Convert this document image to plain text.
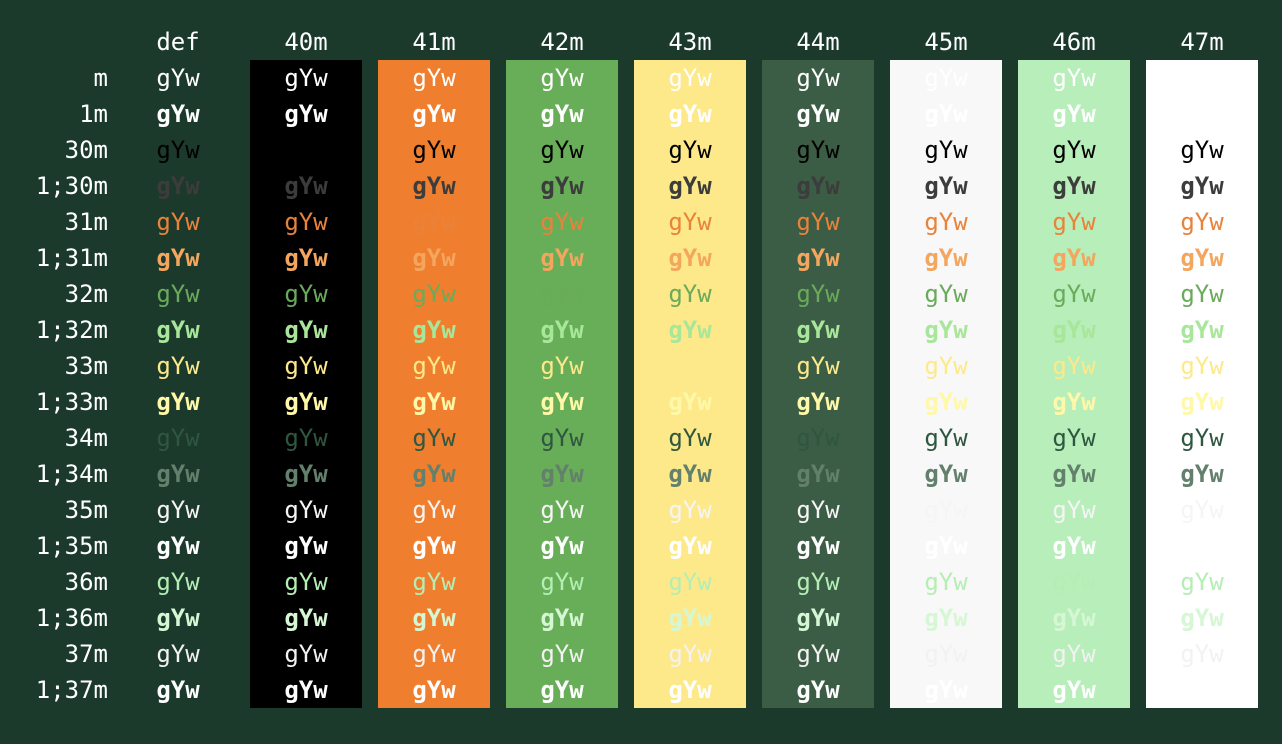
def	40m	41m	42m	43m	44m	45m	46m	47m
m	gYw	gYw	gYw	gYw	gYw	gYw	gYw	gYw	gYw
1m	gYw	gYw	gYw	gYw	gYw	gYw	gYw	gYw	gYw
30m	gYw	gYw	gYw	gYw	gYw	gYw	gYw	gYw	gYw
1;30m	gYw	gYw	gYw	gYw	gYw	gYw	gYw	gYw	gYw
31m	gYw	gYw	gYw	gYw	gYw	gYw	gYw	gYw	gYw
1;31m	gYw	gYw	gYw	gYw	gYw	gYw	gYw	gYw	gYw
32m	gYw	gYw	gYw	gYw	gYw	gYw	gYw	gYw	gYw
1;32m	gYw	gYw	gYw	gYw	gYw	gYw	gYw	gYw	gYw
33m	gYw	gYw	gYw	gYw	gYw	gYw	gYw	gYw	gYw
1;33m	gYw	gYw	gYw	gYw	gYw	gYw	gYw	gYw	gYw
34m	gYw	gYw	gYw	gYw	gYw	gYw	gYw	gYw	gYw
1;34m	gYw	gYw	gYw	gYw	gYw	gYw	gYw	gYw	gYw
35m	gYw	gYw	gYw	gYw	gYw	gYw	gYw	gYw	gYw
1;35m	gYw	gYw	gYw	gYw	gYw	gYw	gYw	gYw	gYw
36m	gYw	gYw	gYw	gYw	gYw	gYw	gYw	gYw	gYw
1;36m	gYw	gYw	gYw	gYw	gYw	gYw	gYw	gYw	gYw
37m	gYw	gYw	gYw	gYw	gYw	gYw	gYw	gYw	gYw
1;37m	gYw	gYw	gYw	gYw	gYw	gYw	gYw	gYw	gYw
